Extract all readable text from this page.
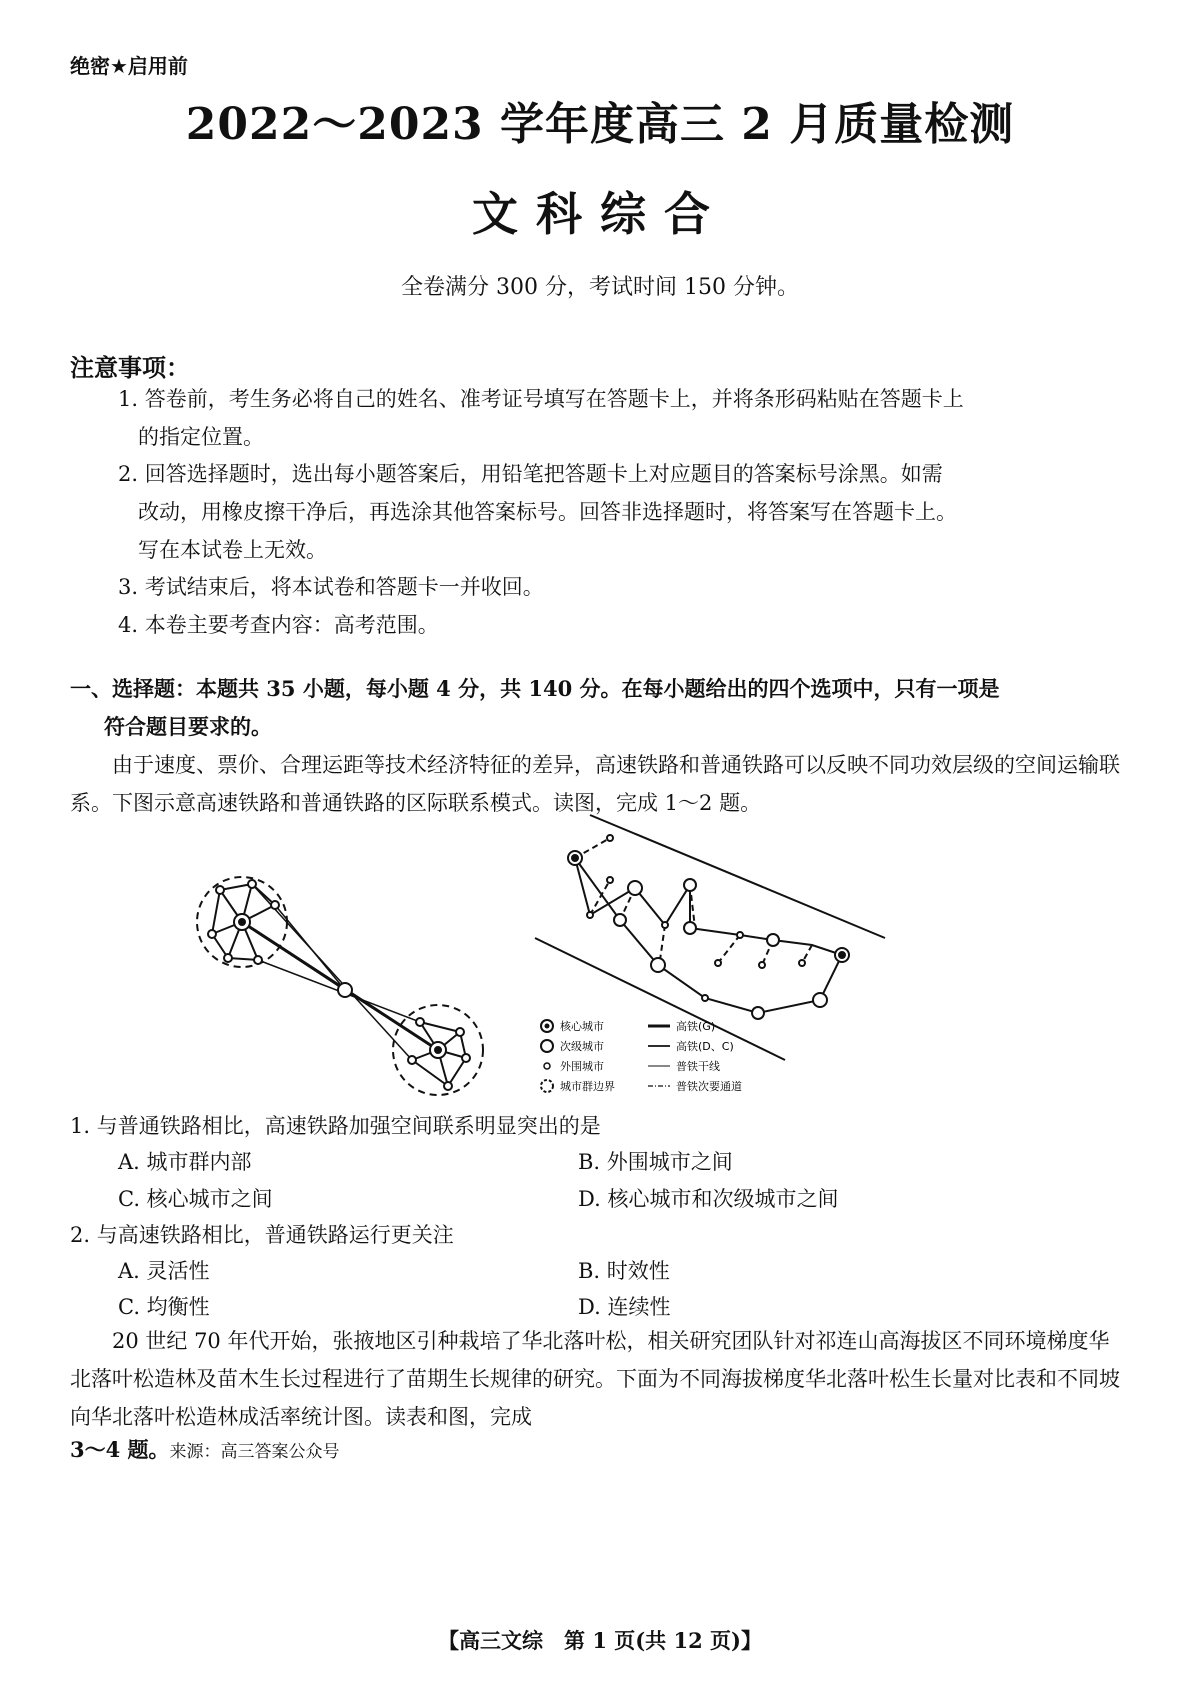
绝密★启用前
2022～2023 学年度高三 2 月质量检测
文科综合
全卷满分 300 分，考试时间 150 分钟。
注意事项：
1. 答卷前，考生务必将自己的姓名、准考证号填写在答题卡上，并将条形码粘贴在答题卡上
的指定位置。
2. 回答选择题时，选出每小题答案后，用铅笔把答题卡上对应题目的答案标号涂黑。如需
改动，用橡皮擦干净后，再选涂其他答案标号。回答非选择题时，将答案写在答题卡上。
写在本试卷上无效。
3. 考试结束后，将本试卷和答题卡一并收回。
4. 本卷主要考查内容：高考范围。
一、选择题：本题共 35 小题，每小题 4 分，共 140 分。在每小题给出的四个选项中，只有一项是
符合题目要求的。
由于速度、票价、合理运距等技术经济特征的差异，高速铁路和普通铁路可以反映不同功效层级的空间运输联系。下图示意高速铁路和普通铁路的区际联系模式。读图，完成 1～2 题。
核心城市
次级城市
外围城市
城市群边界
高铁(G)
高铁(D、C)
普铁干线
普铁次要通道
1. 与普通铁路相比，高速铁路加强空间联系明显突出的是
A. 城市群内部	B. 外围城市之间
C. 核心城市之间	D. 核心城市和次级城市之间
2. 与高速铁路相比，普通铁路运行更关注
A. 灵活性	B. 时效性
C. 均衡性	D. 连续性
20 世纪 70 年代开始，张掖地区引种栽培了华北落叶松，相关研究团队针对祁连山高海拔区不同环境梯度华北落叶松造林及苗木生长过程进行了苗期生长规律的研究。下面为不同海拔梯度华北落叶松生长量对比表和不同坡向华北落叶松造林成活率统计图。读表和图，完成
3～4 题。来源：高三答案公众号
【高三文综　第 1 页(共 12 页)】
